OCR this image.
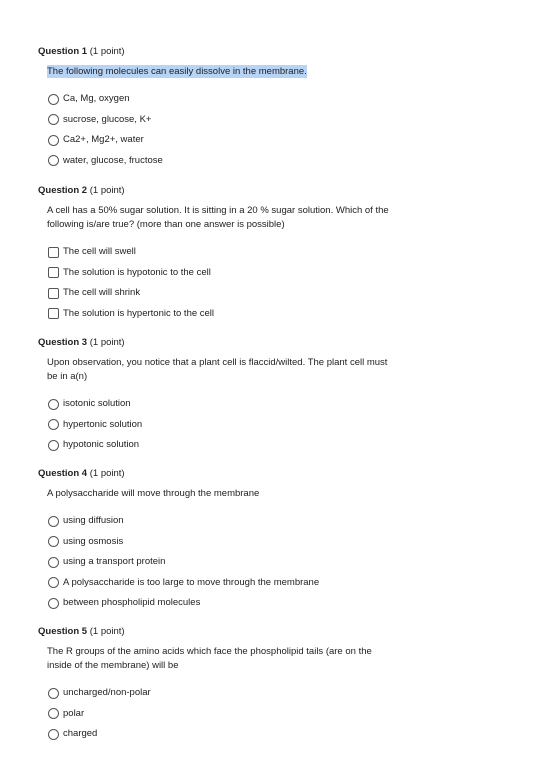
Question 1 (1 point)
The following molecules can easily dissolve in the membrane.
Ca, Mg, oxygen
sucrose, glucose, K+
Ca2+, Mg2+, water
water, glucose, fructose
Question 2 (1 point)
A cell has a 50% sugar solution. It is sitting in a 20 % sugar solution. Which of the following is/are true? (more than one answer is possible)
The cell will swell
The solution is hypotonic to the cell
The cell will shrink
The solution is hypertonic to the cell
Question 3 (1 point)
Upon observation, you notice that a plant cell is flaccid/wilted. The plant cell must be in a(n)
isotonic solution
hypertonic solution
hypotonic solution
Question 4 (1 point)
A polysaccharide will move through the membrane
using diffusion
using osmosis
using a transport protein
A polysaccharide is too large to move through the membrane
between phospholipid molecules
Question 5 (1 point)
The R groups of the amino acids which face the phospholipid tails (are on the inside of the membrane) will be
uncharged/non-polar
polar
charged
